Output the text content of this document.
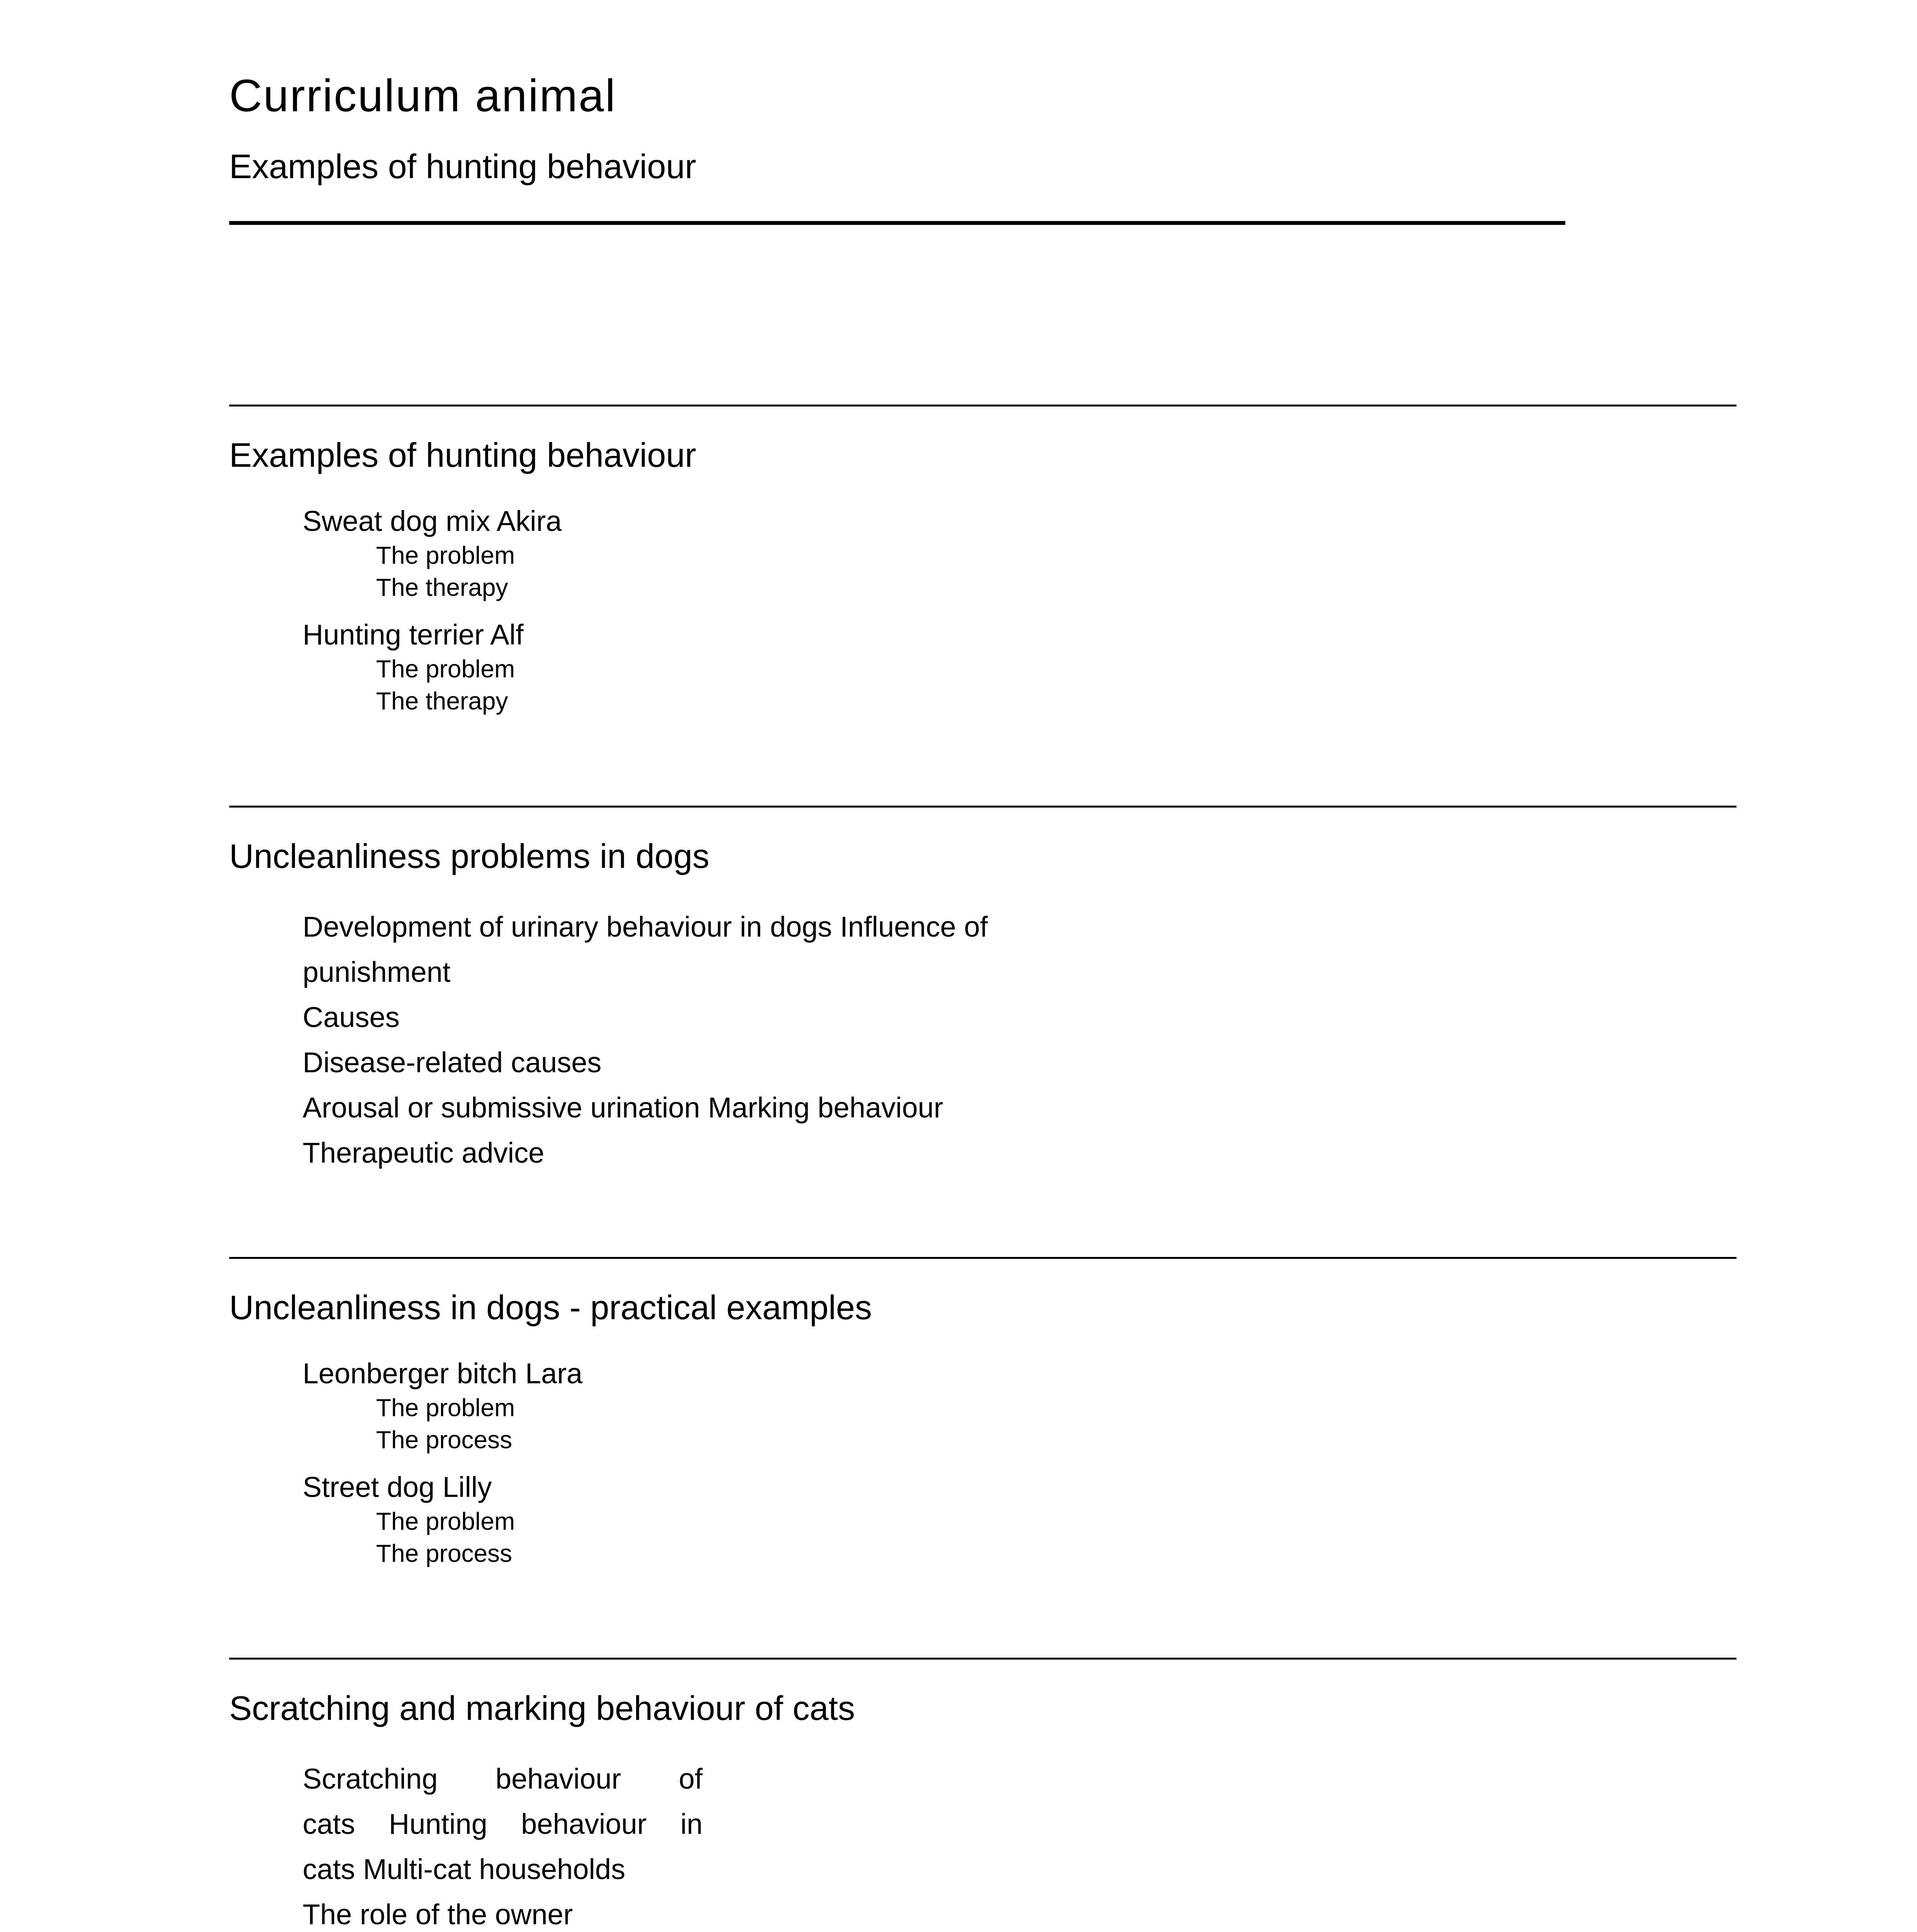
Curriculum animal
Examples of hunting behaviour
Examples of hunting behaviour
Sweat dog mix Akira
The problem
The therapy
Hunting terrier Alf
The problem
The therapy
Uncleanliness problems in dogs
Development of urinary behaviour in dogs Influence of
punishment
Causes
Disease-related causes
Arousal or submissive urination Marking behaviour
Therapeutic advice
Uncleanliness in dogs - practical examples
Leonberger bitch Lara
The problem
The process
Street dog Lilly
The problem
The process
Scratching and marking behaviour of cats
Scratching behaviour of
cats Hunting behaviour in
cats Multi-cat households
The role of the owner
